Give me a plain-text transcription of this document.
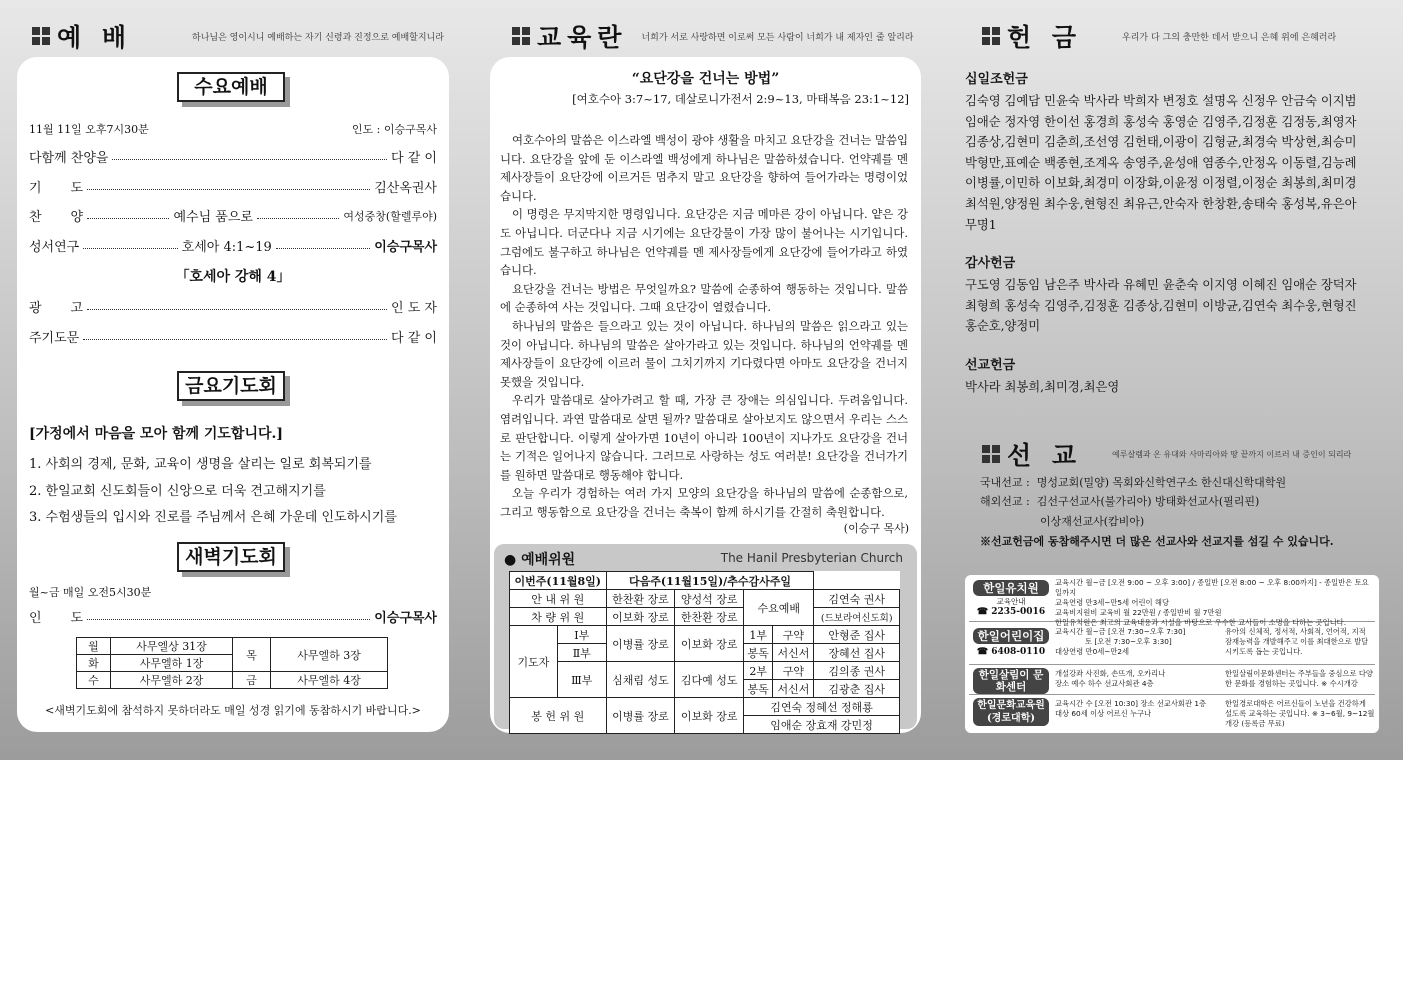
예 배	하나님은 영이시니 예배하는 자기 신령과 진정으로 예배할지니라
수요예배
11월 11일 오후7시30분	인도 : 이승구목사
다함께 찬양을	다 같 이
기       도	김산옥권사
찬       양	예수님 품으로	여성중창(할렐루야)
성서연구	호세아 4:1~19	이승구목사
「호세아 강해 4」
광       고	인 도 자
주기도문	다 같 이
금요기도회
[가정에서 마음을 모아 함께 기도합니다.]
1. 사회의 경제, 문화, 교육이 생명을 살리는 일로 회복되기를
2. 한일교회 신도회들이 신앙으로 더욱 견고해지기를
3. 수험생들의 입시와 진로를 주님께서 은혜 가운데 인도하시기를
새벽기도회
월~금 매일 오전5시30분
인       도	이승구목사
월	사무엘상 31장	목	사무엘하 3장
화	사무엘하 1장		
수	사무엘하 2장	금	사무엘하 4장
<새벽기도회에 참석하지 못하더라도 매일 성경 읽기에 동참하시기 바랍니다.>
교육란 너희가 서로 사랑하면 이로써 모든 사람이 너희가 내 제자인 줄 알리라
“요단강을 건너는 방법”
[여호수아 3:7~17, 데살로니가전서 2:9~13, 마태복음 23:1~12]

여호수아의 말씀은 이스라엘 백성이 광야 생활을 마치고 요단강을 건너는 말씀입니다. 요단강을 앞에 둔 이스라엘 백성에게 하나님은 말씀하셨습니다. 언약궤를 멘 제사장들이 요단강에 이르거든 멈추지 말고 요단강을 향하여 들어가라는 명령이었습니다.

이 명령은 무지막지한 명령입니다. 요단강은 지금 메마른 강이 아닙니다. 얕은 강도 아닙니다. 더군다나 지금 시기에는 요단강물이 가장 많이 불어나는 시기입니다. 그럼에도 불구하고 하나님은 언약궤를 멘 제사장들에게 요단강에 들어가라고 하였습니다.

요단강을 건너는 방법은 무엇일까요? 말씀에 순종하여 행동하는 것입니다. 말씀에 순종하여 사는 것입니다. 그때 요단강이 열렸습니다.

하나님의 말씀은 들으라고 있는 것이 아닙니다. 하나님의 말씀은 읽으라고 있는 것이 아닙니다. 하나님의 말씀은 살아가라고 있는 것입니다. 하나님의 언약궤를 멘 제사장들이 요단강에 이르러 물이 그치기까지 기다렸다면 아마도 요단강을 건너지 못했을 것입니다.

우리가 말씀대로 살아가려고 할 때, 가장 큰 장애는 의심입니다. 두려움입니다. 염려입니다. 과연 말씀대로 살면 될까? 말씀대로 살아보지도 않으면서 우리는 스스로 판단합니다. 이렇게 살아가면 10년이 아니라 100년이 지나가도 요단강을 건너는 기적은 일어나지 않습니다. 그러므로 사랑하는 성도 여러분! 요단강을 건너가기를 원하면 말씀대로 행동해야 합니다.

오늘 우리가 경험하는 여러 가지 모양의 요단강을 하나님의 말씀에 순종함으로, 그리고 행동함으로 요단강을 건너는 축복이 함께 하시기를 간절히 축원합니다.

(이승구 목사)
● 예배위원	The Hanil Presbyterian Church
이번주(11월8일)		다음주(11월15일)/추수감사주일				
안 내 위 원		한찬환 장로	양성석 장로	수요예배		김연숙 권사
차 량 위 원		이보화 장로	한찬환 장로			(드보라여신도회)
기도자	Ⅰ부	이병률 장로	이보화 장로	1부	구약	안형준 집사
	Ⅱ부			봉독	서신서	장혜선 집사
	Ⅲ부	심채림 성도	김다예 성도	2부	구약	김의종 권사
				봉독	서신서	김광춘 집사
봉 헌 위 원		이병률 장로	이보화 장로	김연숙 정혜선 정해룡		
				임애순 장효재 강민정		
헌 금	우리가 다 그의 충만한 데서 받으니 은혜 위에 은혜러라
십일조헌금
김숙영 김예담 민윤숙 박사라 박희자 변정호 설명옥 신정우 안금숙 이지범 임애순 정자영 한이선 홍경희 홍성숙 홍영순 김영주,김정훈 김정동,최영자 김종상,김현미 김춘희,조선영 김헌태,이광이 김형균,최경숙 박상현,최승미 박형만,표예순 백종현,조계옥 송영주,윤성애 염종수,안정옥 이동렬,김능례 이병률,이민하 이보화,최경미 이장화,이윤정 이정렬,이정순 최봉희,최미경 최석원,양정원 최수웅,현형진 최유근,안숙자 한창환,송태숙 홍성복,유은아 무명1
감사헌금
구도영 김동임 남은주 박사라 유혜민 윤춘숙 이지영 이혜진 임애순 장덕자 최형희 홍성숙 김영주,김정훈 김종상,김현미 이방균,김연숙 최수웅,현형진 홍순호,양정미
선교헌금
박사라 최봉희,최미경,최은영
선 교	예루살렘과 온 유대와 사마리아와 땅 끝까지 이르러 내 증인이 되리라
국내선교 :
명성교회(밀양) 목회와신학연구소 한신대신학대학원
해외선교 :
김선구선교사(불가리아) 방태화선교사(필리핀)
이상재선교사(캄비아)
※선교헌금에 동참해주시면 더 많은 선교사와 선교지를 섬길 수 있습니다.
한일유치원
교육안내
☎ 2235-0016
교육시간 월~금 [오전 9:00 ~ 오후 3:00] / 종일반 [오전 8:00 ~ 오후 8:00까지] - 종일반은 토요일까지
교육연령 만3세~만5세 어린이 해당
교육비지원비 교육비 월 22만원 / 종일반비 월 7만원
한일유치원은 최고의 교육내용과 시설을 바탕으로 우수한 교사들이 소명을 다하는 곳입니다.
한일어린이집
☎ 6408-0110
교육시간 월~금 [오전 7:30~오후 7:30]
토 [오전 7:30~오후 3:30]
대상연령 만0세~만2세
유아의 신체적, 정서적, 사회적, 언어적, 지적 잠재능력을 개발해주고 이를 최대한으로 발달 시키도록 돕는 곳입니다.
한일살림이 문화센터
개설강좌 사진화, 손뜨개, 오카리나
장소 예수 하수 선교사회관 4층
한일살림이문화센터는 주부들을 중심으로 다양한 문화를 경험하는 곳입니다. ※ 수시개강
한일문화교육원 (경로대학)
교육시간 수 [오전 10:30] 장소 선교사회관 1층
대상 60세 이상 어르신 누구나
한일경로대학은 어르신들이 노년을 건강하게 설도록 교육하는 곳입니다. ※ 3~6월, 9~12월 개강 (등록금 무료)
